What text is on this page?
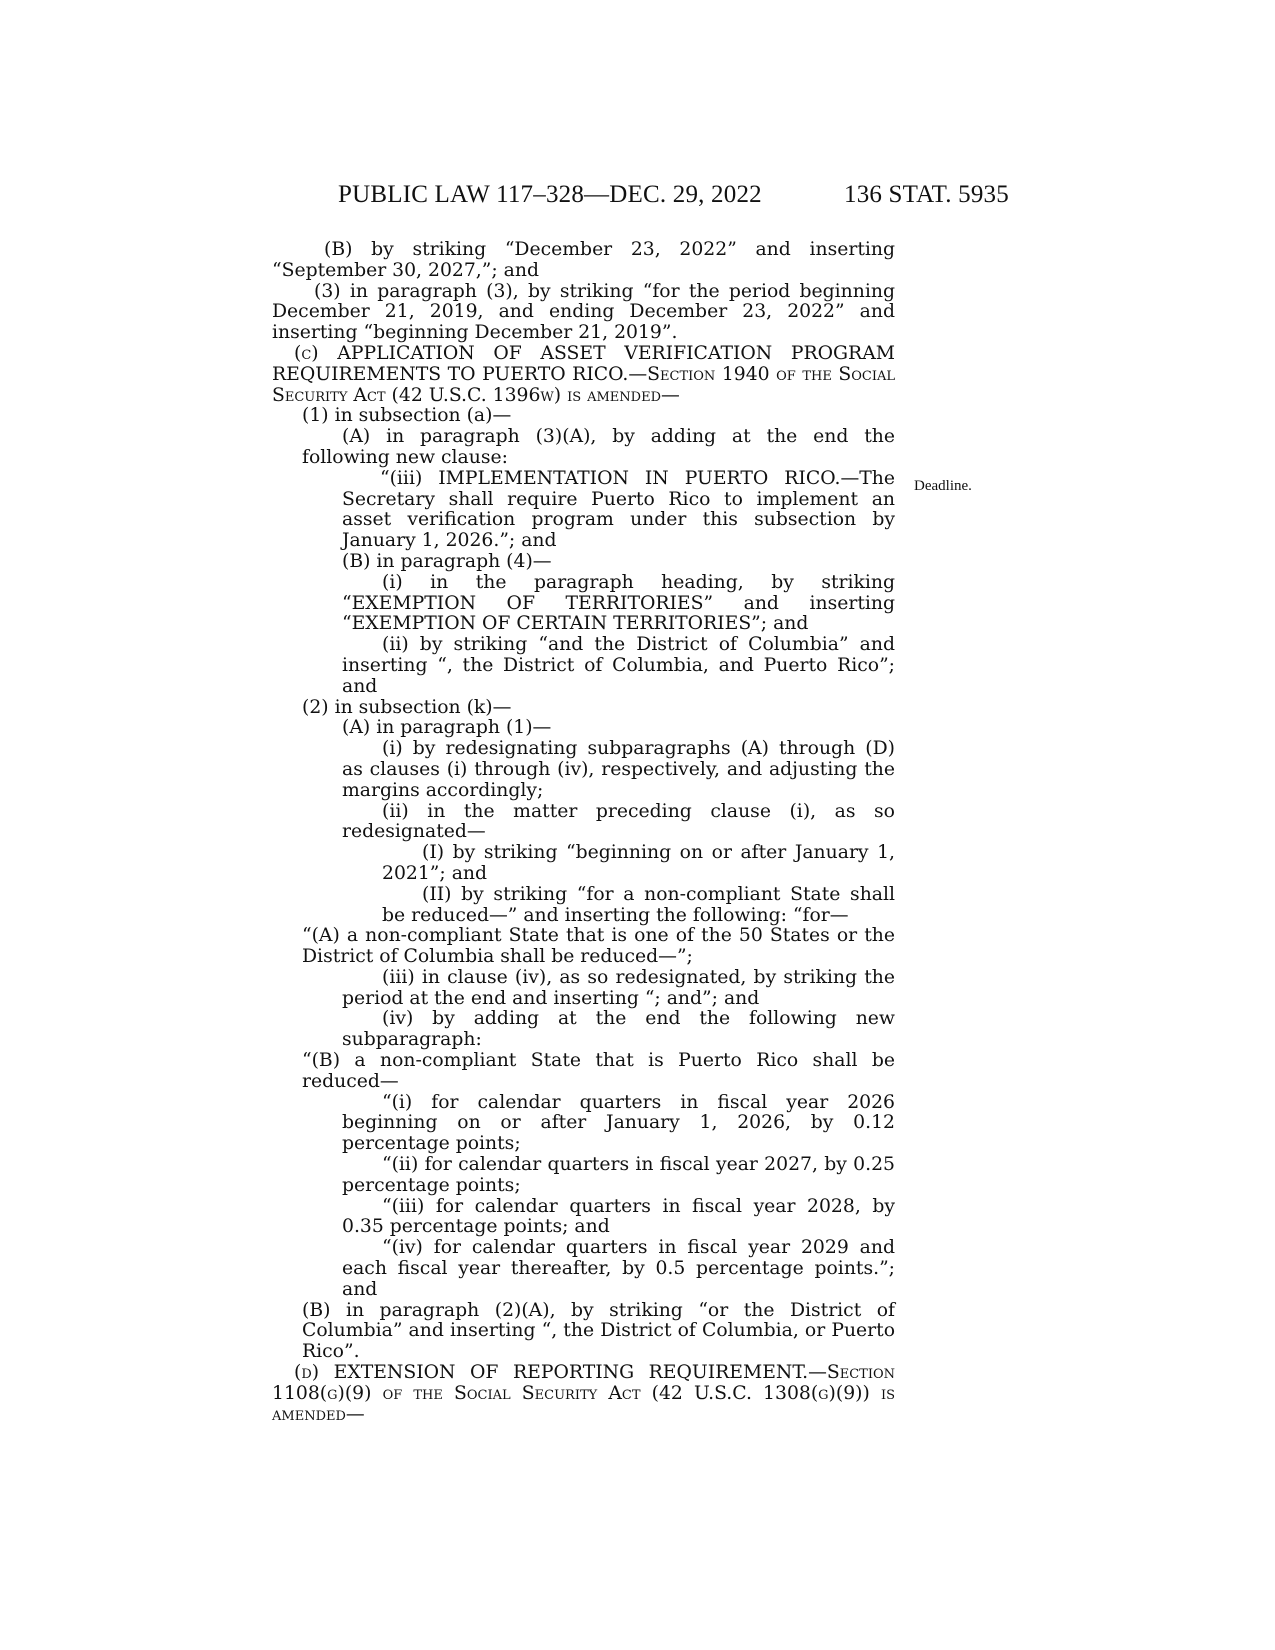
PUBLIC LAW 117–328—DEC. 29, 2022	136 STAT. 5935
Deadline.

(B) by striking “December 23, 2022” and inserting “September 30, 2027,”; and

(3) in paragraph (3), by striking “for the period beginning December 21, 2019, and ending December 23, 2022” and inserting “beginning December 21, 2019”.

(c) APPLICATION OF ASSET VERIFICATION PROGRAM REQUIREMENTS TO PUERTO RICO.—Section 1940 of the Social Security Act (42 U.S.C. 1396w) is amended—

(1) in subsection (a)—

(A) in paragraph (3)(A), by adding at the end the following new clause:

“(iii) IMPLEMENTATION IN PUERTO RICO.—The Secretary shall require Puerto Rico to implement an asset verification program under this subsection by January 1, 2026.”; and

(B) in paragraph (4)—

(i) in the paragraph heading, by striking “EXEMPTION OF TERRITORIES” and inserting “EXEMPTION OF CERTAIN TERRITORIES”; and

(ii) by striking “and the District of Columbia” and inserting “, the District of Columbia, and Puerto Rico”; and

(2) in subsection (k)—

(A) in paragraph (1)—

(i) by redesignating subparagraphs (A) through (D) as clauses (i) through (iv), respectively, and adjusting the margins accordingly;

(ii) in the matter preceding clause (i), as so redesignated—

(I) by striking “beginning on or after January 1, 2021”; and

(II) by striking “for a non-compliant State shall be reduced—” and inserting the following: “for—

“(A) a non-compliant State that is one of the 50 States or the District of Columbia shall be reduced—”;

(iii) in clause (iv), as so redesignated, by striking the period at the end and inserting “; and”; and

(iv) by adding at the end the following new subparagraph:

“(B) a non-compliant State that is Puerto Rico shall be reduced—

“(i) for calendar quarters in fiscal year 2026 beginning on or after January 1, 2026, by 0.12 percentage points;

“(ii) for calendar quarters in fiscal year 2027, by 0.25 percentage points;

“(iii) for calendar quarters in fiscal year 2028, by 0.35 percentage points; and

“(iv) for calendar quarters in fiscal year 2029 and each fiscal year thereafter, by 0.5 percentage points.”; and

(B) in paragraph (2)(A), by striking “or the District of Columbia” and inserting “, the District of Columbia, or Puerto Rico”.

(d) EXTENSION OF REPORTING REQUIREMENT.—Section 1108(g)(9) of the Social Security Act (42 U.S.C. 1308(g)(9)) is amended—
